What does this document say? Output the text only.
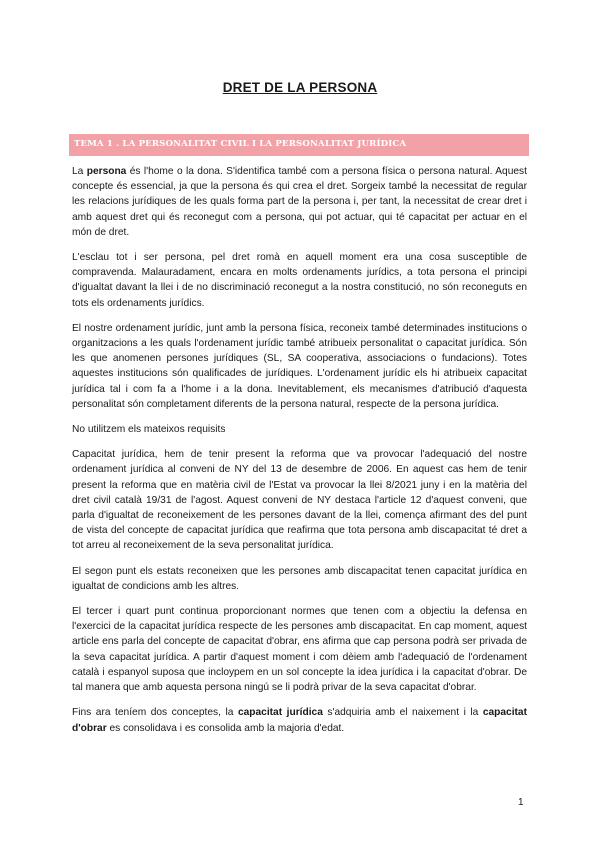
DRET DE LA PERSONA
TEMA 1 . LA PERSONALITAT CIVIL I LA PERSONALITAT JURÍDICA

La persona és l'home o la dona. S'identifica també com a persona física o persona natural. Aquest concepte és essencial, ja que la persona és qui crea el dret. Sorgeix també la necessitat de regular les relacions jurídiques de les quals forma part de la persona i, per tant, la necessitat de crear dret i amb aquest dret qui és reconegut com a persona, qui pot actuar, qui té capacitat per actuar en el món de dret.

L'esclau tot i ser persona, pel dret romà en aquell moment era una cosa susceptible de compravenda. Malauradament, encara en molts ordenaments jurídics, a tota persona el principi d'igualtat davant la llei i de no discriminació reconegut a la nostra constitució, no són reconeguts en tots els ordenaments jurídics.

El nostre ordenament jurídic, junt amb la persona física, reconeix també determinades institucions o organitzacions a les quals l'ordenament jurídic també atribueix personalitat o capacitat jurídica. Són les que anomenen persones jurídiques (SL, SA cooperativa, associacions o fundacions). Totes aquestes institucions són qualificades de jurídiques. L'ordenament jurídic els hi atribueix capacitat jurídica tal i com fa a l'home i a la dona. Inevitablement, els mecanismes d'atribució d'aquesta personalitat són completament diferents de la persona natural, respecte de la persona jurídica.

No utilitzem els mateixos requisits

Capacitat jurídica, hem de tenir present la reforma que va provocar l'adequació del nostre ordenament jurídica al conveni de NY del 13 de desembre de 2006. En aquest cas hem de tenir present la reforma que en matèria civil de l'Estat va provocar la llei 8/2021 juny i en la matèria del dret civil català 19/31 de l'agost. Aquest conveni de NY destaca l'article 12 d'aquest conveni, que parla d'igualtat de reconeixement de les persones davant de la llei, comença afirmant des del punt de vista del concepte de capacitat jurídica que reafirma que tota persona amb discapacitat té dret a tot arreu al reconeixement de la seva personalitat jurídica.

El segon punt els estats reconeixen que les persones amb discapacitat tenen capacitat jurídica en igualtat de condicions amb les altres.

El tercer i quart punt continua proporcionant normes que tenen com a objectiu la defensa en l'exercici de la capacitat jurídica respecte de les persones amb discapacitat. En cap moment, aquest article ens parla del concepte de capacitat d'obrar, ens afirma que cap persona podrà ser privada de la seva capacitat jurídica. A partir d'aquest moment i com dèiem amb l'adequació de l'ordenament català i espanyol suposa que incloурem en un sol concepte la idea jurídica i la capacitat d'obrar. De tal manera que amb aquesta persona ningú se li podrà privar de la seva capacitat d'obrar.

Fins ara teníem dos conceptes, la capacitat jurídica s'adquiria amb el naixement i la capacitat d'obrar es consolidava i es consolida amb la majoria d'edat.

1
